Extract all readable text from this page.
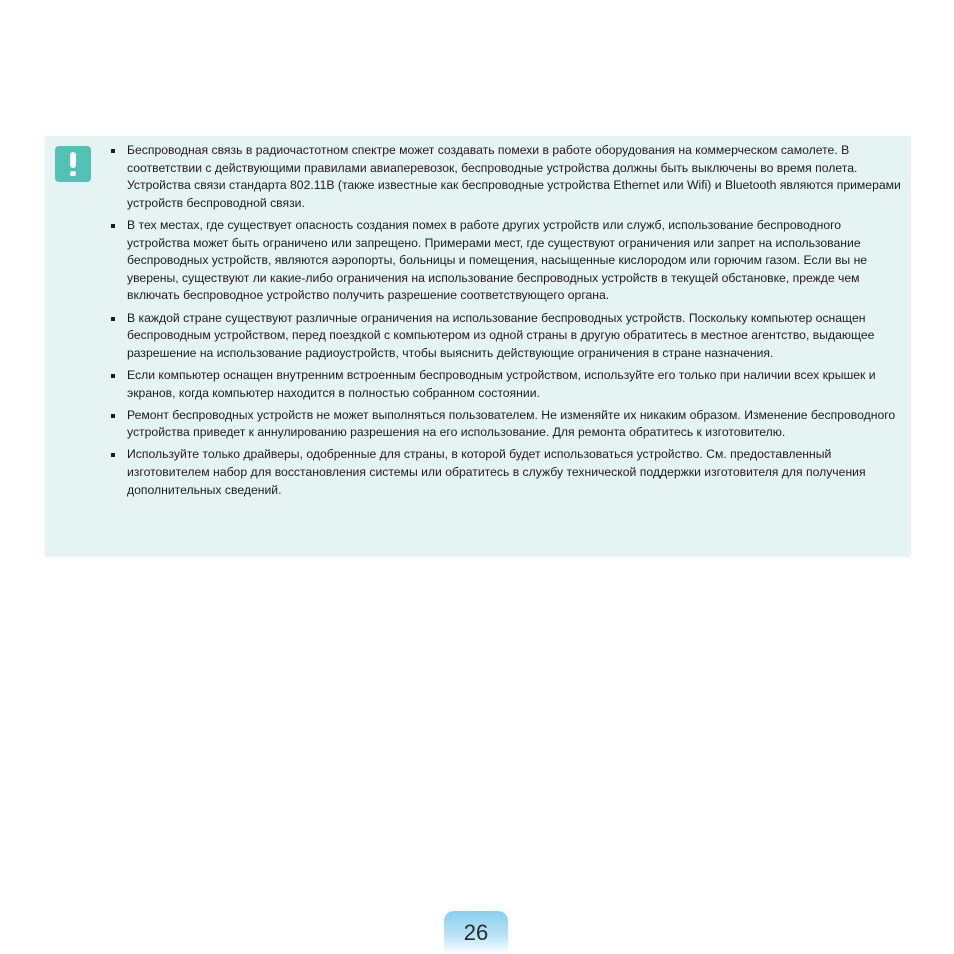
Беспроводная связь в радиочастотном спектре может создавать помехи в работе оборудования на коммерческом самолете. В соответствии с действующими правилами авиаперевозок, беспроводные устройства должны быть выключены во время полета. Устройства связи стандарта 802.11B (также известные как беспроводные устройства Ethernet или Wifi) и Bluetooth являются примерами устройств беспроводной связи.
В тех местах, где существует опасность создания помех в работе других устройств или служб, использование беспроводного устройства может быть ограничено или запрещено. Примерами мест, где существуют ограничения или запрет на использование беспроводных устройств, являются аэропорты, больницы и помещения, насыщенные кислородом или горючим газом. Если вы не уверены, существуют ли какие-либо ограничения на использование беспроводных устройств в текущей обстановке, прежде чем включать беспроводное устройство получить разрешение соответствующего органа.
В каждой стране существуют различные ограничения на использование беспроводных устройств. Поскольку компьютер оснащен беспроводным устройством, перед поездкой с компьютером из одной страны в другую обратитесь в местное агентство, выдающее разрешение на использование радиоустройств, чтобы выяснить действующие ограничения в стране назначения.
Если компьютер оснащен внутренним встроенным беспроводным устройством, используйте его только при наличии всех крышек и экранов, когда компьютер находится в полностью собранном состоянии.
Ремонт беспроводных устройств не может выполняться пользователем. Не изменяйте их никаким образом. Изменение беспроводного устройства приведет к аннулированию разрешения на его использование. Для ремонта обратитесь к изготовителю.
Используйте только драйверы, одобренные для страны, в которой будет использоваться устройство. См. предоставленный изготовителем набор для восстановления системы или обратитесь в службу технической поддержки изготовителя для получения дополнительных сведений.
26
